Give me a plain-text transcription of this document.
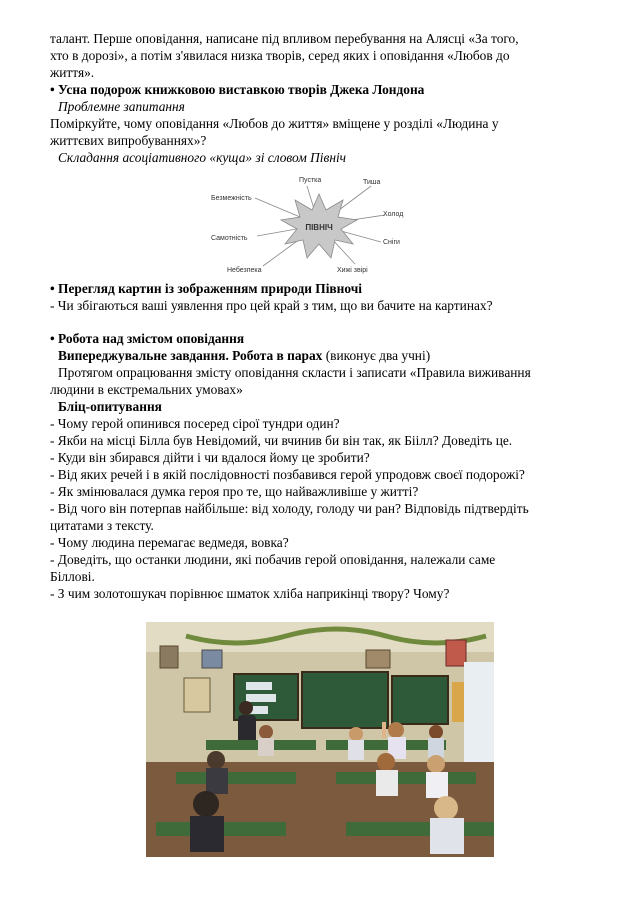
талант. Перше оповідання, написане під впливом перебування на Алясці «За того,
хто в дорозі», а потім з'явилася низка творів, серед яких і оповідання «Любов до
життя».
• Усна подорож книжковою виставкою творів Джека Лондона
Проблемне запитання
Поміркуйте, чому оповідання «Любов до життя» вміщене у розділі «Людина у
життєвих випробуваннях»?
Складання асоціативного «куща» зі словом Північ
ПІВНІЧ
Пустка	Тиша
Безмежність
Холод
Самотність
Сніги
Небезпека	Хижі звірі
• Перегляд картин із зображенням природи Півночі
- Чи збігаються ваші уявлення про цей край з тим, що ви бачите на картинах?
• Робота над змістом оповідання
Випереджувальне завдання. Робота в парах (виконує два учні)
Протягом опрацювання змісту оповідання скласти і записати «Правила виживання
людини в екстремальних умовах»
Бліц-опитування
- Чому герой опинився посеред сірої тундри один?
- Якби на місці Білла був Невідомий, чи вчинив би він так, як Біілл? Доведіть це.
- Куди він збирався дійти і чи вдалося йому це зробити?
- Від яких речей і в якій послідовності позбавився герой упродовж своєї подорожі?
- Як змінювалася думка героя про те, що найважливіше у житті?
- Від чого він потерпав найбільше: від холоду, голоду чи ран? Відповідь підтвердіть
цитатами з тексту.
- Чому людина перемагає ведмедя, вовка?
- Доведіть, що останки людини, які побачив герой оповідання, належали саме
Біллові.
- З чим золотошукач порівнює шматок хліба наприкінці твору? Чому?
